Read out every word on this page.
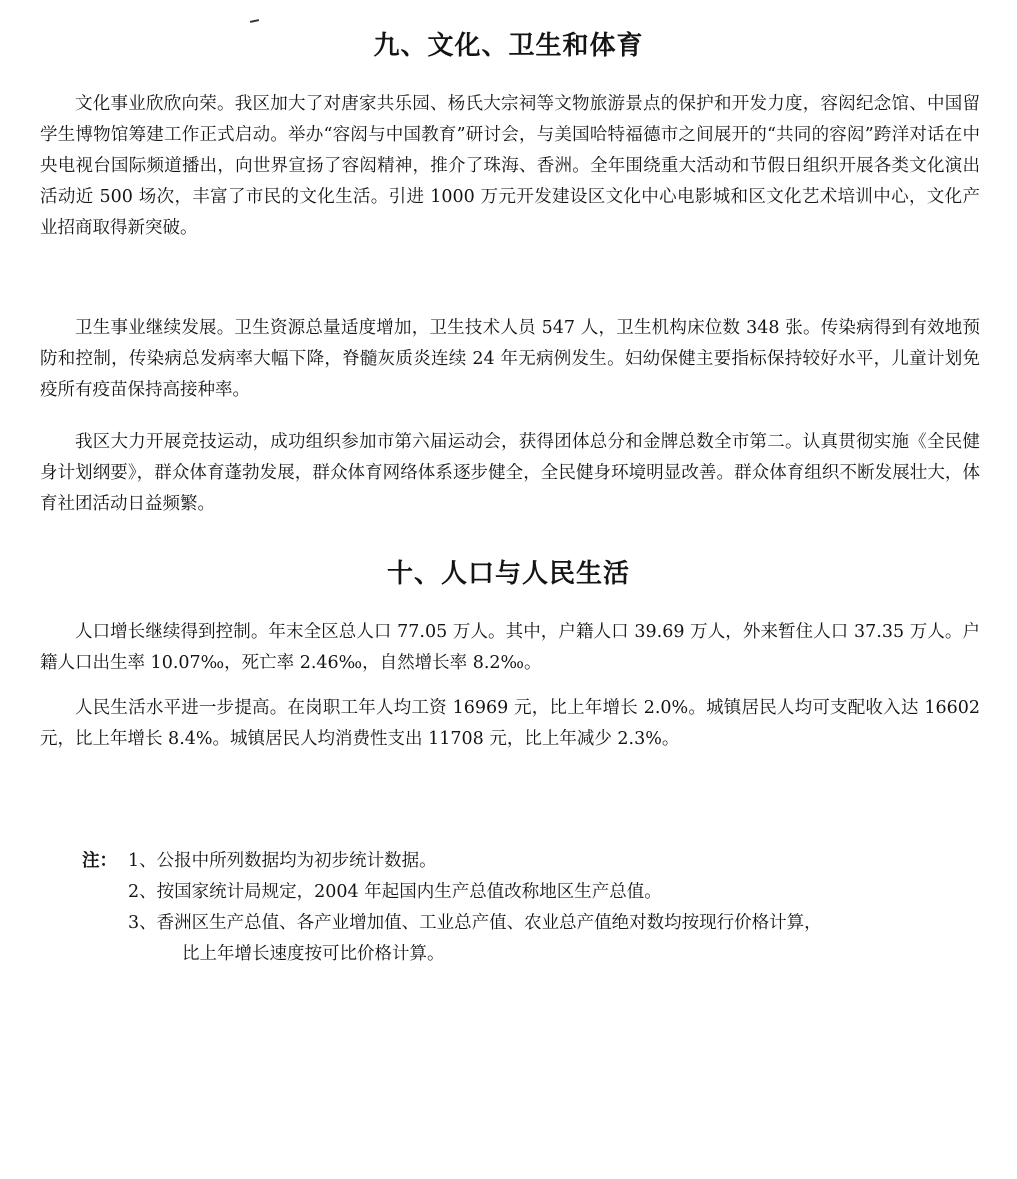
九、文化、卫生和体育

文化事业欣欣向荣。我区加大了对唐家共乐园、杨氏大宗祠等文物旅游景点的保护和开发力度，容闳纪念馆、中国留学生博物馆筹建工作正式启动。举办“容闳与中国教育”研讨会，与美国哈特福德市之间展开的“共同的容闳”跨洋对话在中央电视台国际频道播出，向世界宣扬了容闳精神，推介了珠海、香洲。全年围绕重大活动和节假日组织开展各类文化演出活动近 500 场次，丰富了市民的文化生活。引进 1000 万元开发建设区文化中心电影城和区文化艺术培训中心，文化产业招商取得新突破。

卫生事业继续发展。卫生资源总量适度增加，卫生技术人员 547 人，卫生机构床位数 348 张。传染病得到有效地预防和控制，传染病总发病率大幅下降，脊髓灰质炎连续 24 年无病例发生。妇幼保健主要指标保持较好水平，儿童计划免疫所有疫苗保持高接种率。

我区大力开展竞技运动，成功组织参加市第六届运动会，获得团体总分和金牌总数全市第二。认真贯彻实施《全民健身计划纲要》，群众体育蓬勃发展，群众体育网络体系逐步健全，全民健身环境明显改善。群众体育组织不断发展壮大，体育社团活动日益频繁。

十、人口与人民生活

人口增长继续得到控制。年末全区总人口 77.05 万人。其中，户籍人口 39.69 万人，外来暂住人口 37.35 万人。户籍人口出生率 10.07‰，死亡率 2.46‰，自然增长率 8.2‰。

人民生活水平进一步提高。在岗职工年人均工资 16969 元，比上年增长 2.0%。城镇居民人均可支配收入达 16602 元，比上年增长 8.4%。城镇居民人均消费性支出 11708 元，比上年减少 2.3%。

注： 1、公报中所列数据均为初步统计数据。
2、按国家统计局规定，2004 年起国内生产总值改称地区生产总值。
3、香洲区生产总值、各产业增加值、工业总产值、农业总产值绝对数均按现行价格计算，
比上年增长速度按可比价格计算。
